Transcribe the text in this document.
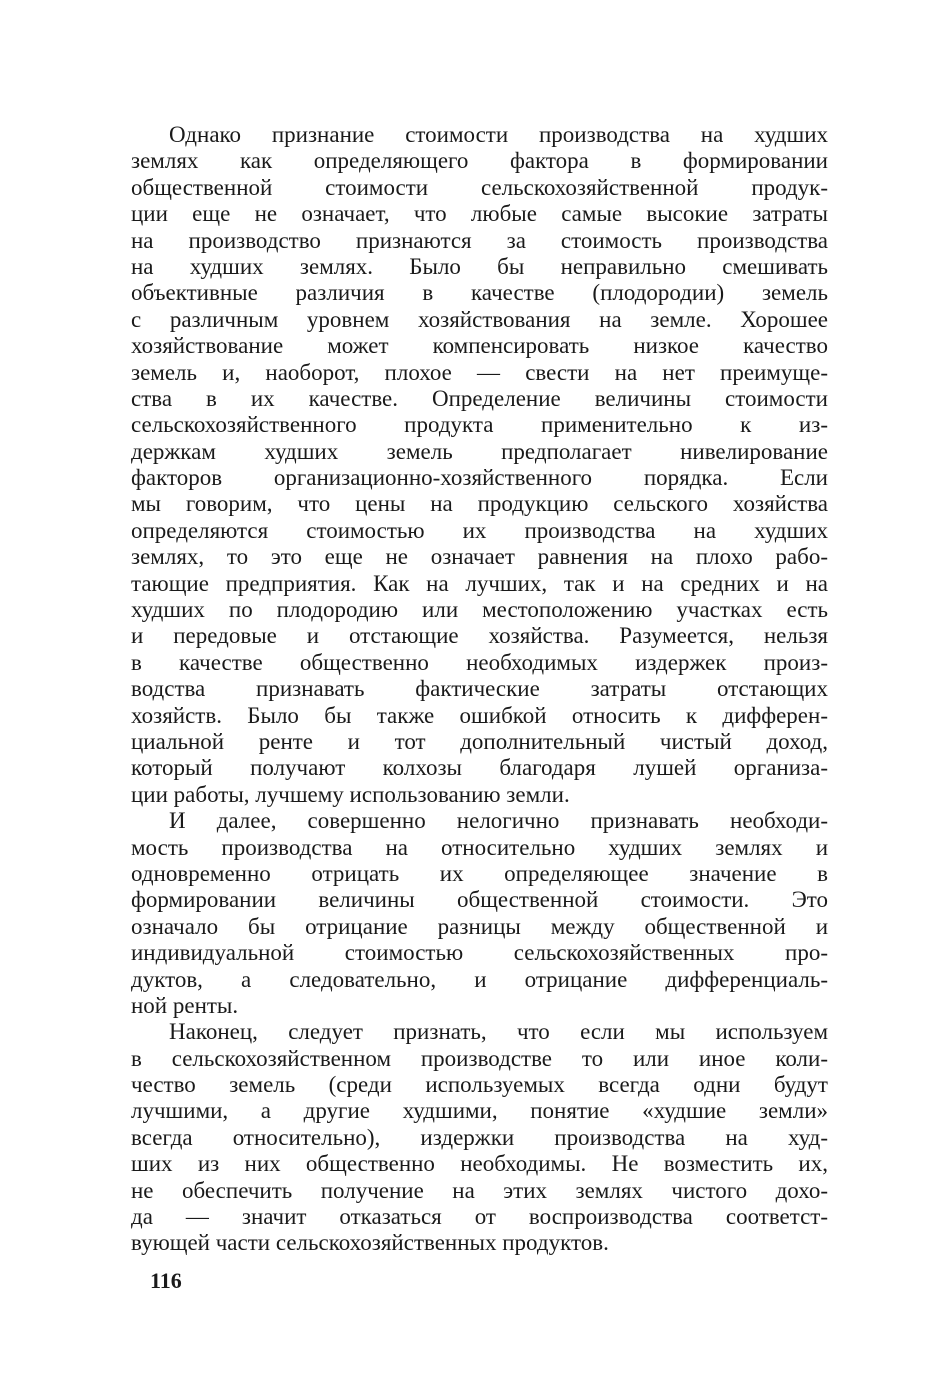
Однако признание стоимости производства на худших
землях как определяющего фактора в формировании
общественной стоимости сельскохозяйственной продук-
ции еще не означает, что любые самые высокие затраты
на производство признаются за стоимость производства
на худших землях. Было бы неправильно смешивать
объективные различия в качестве (плодородии) земель
с различным уровнем хозяйствования на земле. Хорошее
хозяйствование может компенсировать низкое качество
земель и, наоборот, плохое — свести на нет преимуще-
ства в их качестве. Определение величины стоимости
сельскохозяйственного продукта применительно к из-
держкам худших земель предполагает нивелирование
факторов организационно-хозяйственного порядка. Если
мы говорим, что цены на продукцию сельского хозяйства
определяются стоимостью их производства на худших
землях, то это еще не означает равнения на плохо рабо-
тающие предприятия. Как на лучших, так и на средних и на
худших по плодородию или местоположению участках есть
и передовые и отстающие хозяйства. Разумеется, нельзя
в качестве общественно необходимых издержек произ-
водства признавать фактические затраты отстающих
хозяйств. Было бы также ошибкой относить к дифферен-
циальной ренте и тот дополнительный чистый доход,
который получают колхозы благодаря лушей организа-
ции работы, лучшему использованию земли.
И далее, совершенно нелогично признавать необходи-
мость производства на относительно худших землях и
одновременно отрицать их определяющее значение в
формировании величины общественной стоимости. Это
означало бы отрицание разницы между общественной и
индивидуальной стоимостью сельскохозяйственных про-
дуктов, а следовательно, и отрицание дифференциаль-
ной ренты.
Наконец, следует признать, что если мы используем
в сельскохозяйственном производстве то или иное коли-
чество земель (среди используемых всегда одни будут
лучшими, а другие худшими, понятие «худшие земли»
всегда относительно), издержки производства на худ-
ших из них общественно необходимы. Не возместить их,
не обеспечить получение на этих землях чистого дохо-
да — значит отказаться от воспроизводства соответст-
вующей части сельскохозяйственных продуктов.
116
